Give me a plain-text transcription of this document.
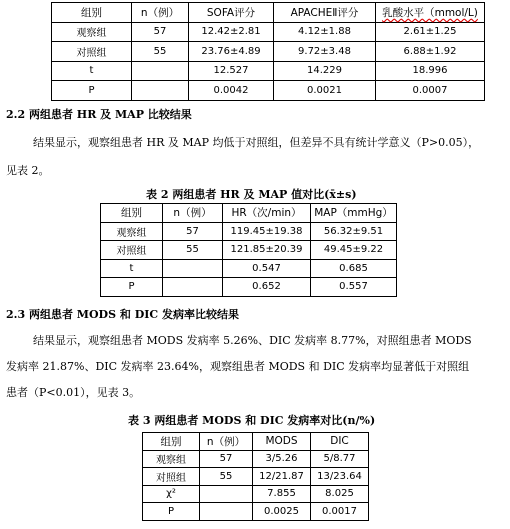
组别	n（例）	SOFA评分	APACHEⅡ评分	乳酸水平（mmol/L)
观察组	57	12.42±2.81	4.12±1.88	2.61±1.25
对照组	55	23.76±4.89	9.72±3.48	6.88±1.92
t		12.527	14.229	18.996
P		0.0042	0.0021	0.0007
2.2 两组患者 HR 及 MAP 比较结果
结果显示，观察组患者 HR 及 MAP 均低于对照组，但差异不具有统计学意义（P>0.05），
见表 2。
表 2 两组患者 HR 及 MAP 值对比(x̄±s)
组别	n（例）	HR（次/min）	MAP（mmHg）
观察组	57	119.45±19.38	56.32±9.51
对照组	55	121.85±20.39	49.45±9.22
t		0.547	0.685
P		0.652	0.557
2.3 两组患者 MODS 和 DIC 发病率比较结果
结果显示，观察组患者 MODS 发病率 5.26%、DIC 发病率 8.77%，对照组患者 MODS
发病率 21.87%、DIC 发病率 23.64%，观察组患者 MODS 和 DIC 发病率均显著低于对照组
患者（P<0.01），见表 3。
表 3 两组患者 MODS 和 DIC 发病率对比(n/%)
组别	n（例）	MODS	DIC
观察组	57	3/5.26	5/8.77
对照组	55	12/21.87	13/23.64
χ²		7.855	8.025
P		0.0025	0.0017
